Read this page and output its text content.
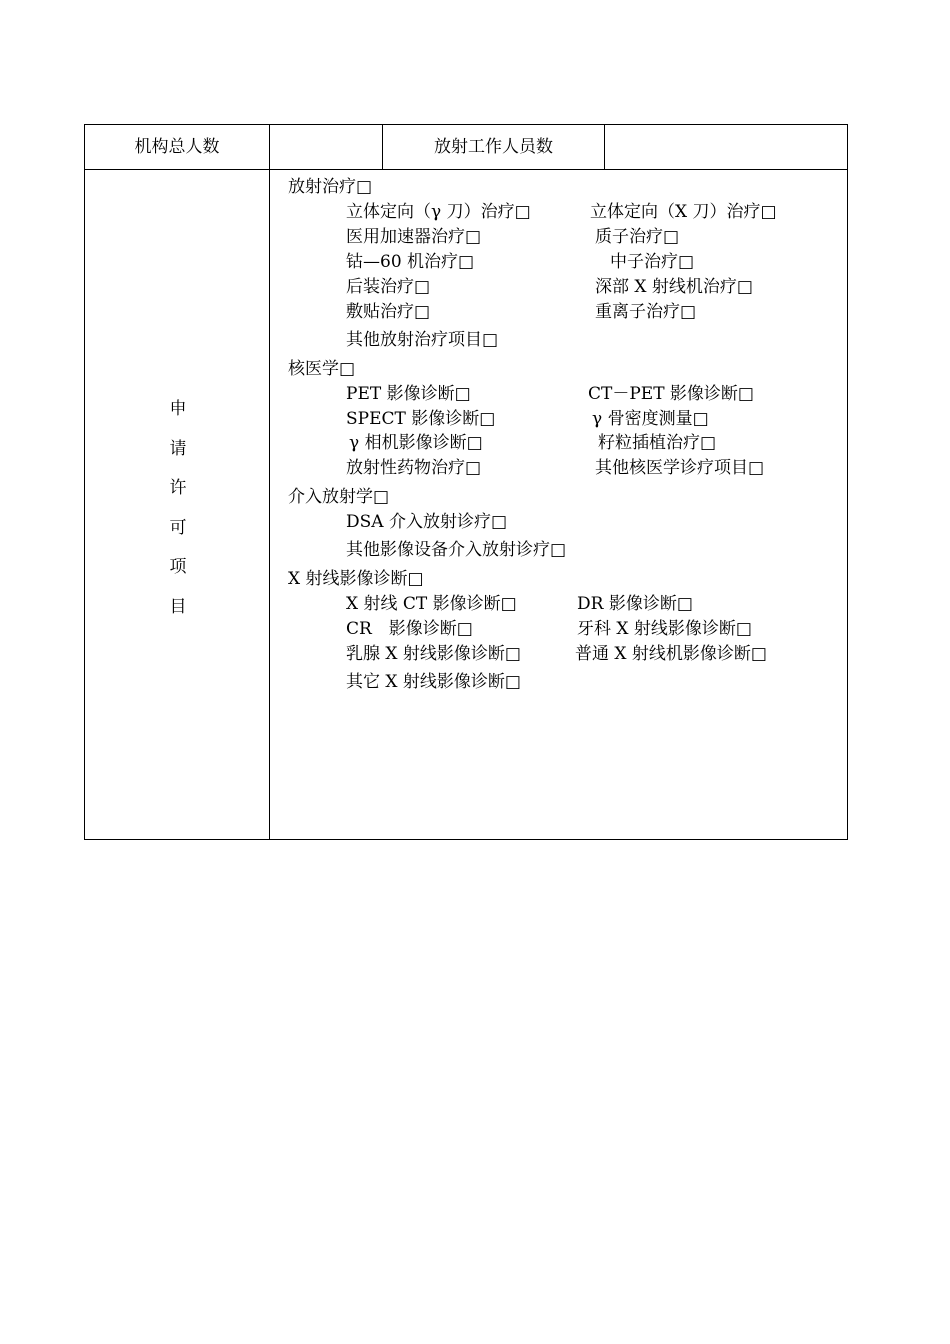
机构总人数	放射工作人员数
申
请
许
可
项
目
放射治疗□
立体定向（γ 刀）治疗□	立体定向（X 刀）治疗□
医用加速器治疗□	质子治疗□
钴—60 机治疗□	中子治疗□
后装治疗□	深部 X 射线机治疗□
敷贴治疗□	重离子治疗□
其他放射治疗项目□
核医学□
PET 影像诊断□	CT－PET 影像诊断□
SPECT 影像诊断□	γ 骨密度测量□
γ 相机影像诊断□	籽粒插植治疗□
放射性药物治疗□	其他核医学诊疗项目□
介入放射学□
DSA 介入放射诊疗□
其他影像设备介入放射诊疗□
X 射线影像诊断□
X 射线 CT 影像诊断□	DR 影像诊断□
CR　影像诊断□	牙科 X 射线影像诊断□
乳腺 X 射线影像诊断□	普通 X 射线机影像诊断□
其它 X 射线影像诊断□
